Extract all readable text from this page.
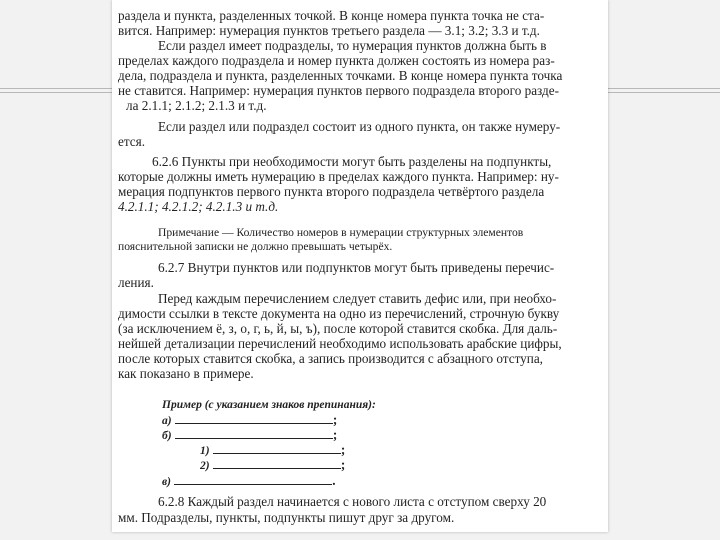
раздела и пункта, разделенных точкой. В конце номера пункта точка не ста-
вится. Например: нумерация пунктов третьего раздела — 3.1; 3.2; 3.3 и т.д.
Если раздел имеет подразделы, то нумерация пунктов должна быть в
пределах каждого подраздела и номер пункта должен состоять из номера раз-
дела, подраздела и пункта, разделенных точками. В конце номера пункта точка
не ставится. Например: нумерация пунктов первого подраздела второго разде-
ла 2.1.1; 2.1.2; 2.1.3 и т.д.
Если раздел или подраздел состоит из одного пункта, он также нумеру-
ется.
6.2.6 Пункты при необходимости могут быть разделены на подпункты,
которые должны иметь нумерацию в пределах каждого пункта. Например: ну-
мерация подпунктов первого пункта второго подраздела четвёртого раздела
4.2.1.1; 4.2.1.2; 4.2.1.3 и т.д.
Примечание — Количество номеров в нумерации структурных элементов
пояснительной записки не должно превышать четырёх.
6.2.7 Внутри пунктов или подпунктов могут быть приведены перечис-
ления.
Перед каждым перечислением следует ставить дефис или, при необхо-
димости ссылки в тексте документа на одно из перечислений, строчную букву
(за исключением ё, з, о, г, ь, й, ы, ъ), после которой ставится скобка. Для даль-
нейшей детализации перечислений необходимо использовать арабские цифры,
после которых ставится скобка, а запись производится с абзацного отступа,
как показано в примере.
Пример (с указанием знаков препинания):
а)	;
б)	;
1)	;
2)	;
в)	.
6.2.8 Каждый раздел начинается с нового листа с отступом сверху 20
мм. Подразделы, пункты, подпункты пишут друг за другом.
